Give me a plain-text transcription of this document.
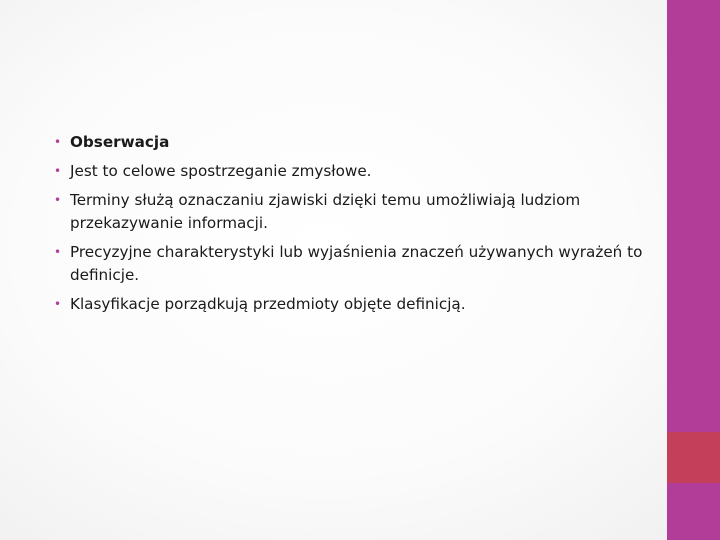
• Obserwacja
• Jest to celowe spostrzeganie zmysłowe.
• Terminy służą oznaczaniu zjawiski dzięki temu umożliwiają ludziom przekazywanie informacji.
• Precyzyjne charakterystyki lub wyjaśnienia znaczeń używanych wyrażeń to definicje.
• Klasyfikacje porządkują przedmioty objęte definicją.
